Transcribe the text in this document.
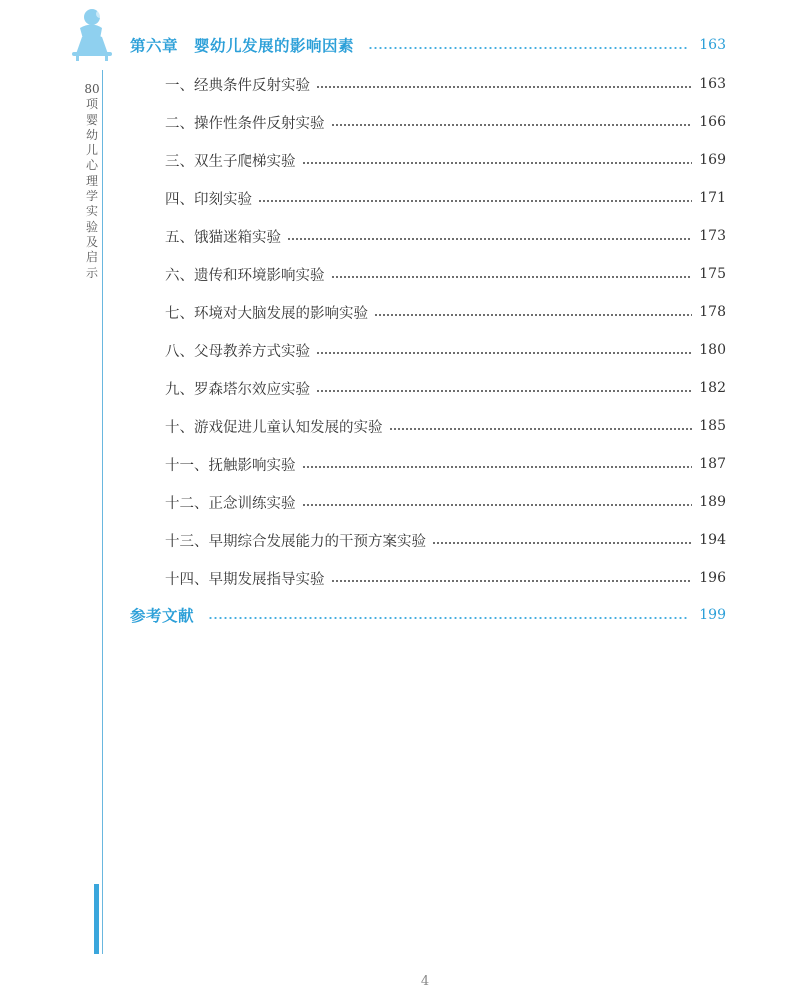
80项婴幼儿心理学实验及启示
第六章　婴幼儿发展的影响因素	163
一、经典条件反射实验	163
二、操作性条件反射实验	166
三、双生子爬梯实验	169
四、印刻实验	171
五、饿猫迷箱实验	173
六、遗传和环境影响实验	175
七、环境对大脑发展的影响实验	178
八、父母教养方式实验	180
九、罗森塔尔效应实验	182
十、游戏促进儿童认知发展的实验	185
十一、抚触影响实验	187
十二、正念训练实验	189
十三、早期综合发展能力的干预方案实验	194
十四、早期发展指导实验	196
参考文献	199
4
